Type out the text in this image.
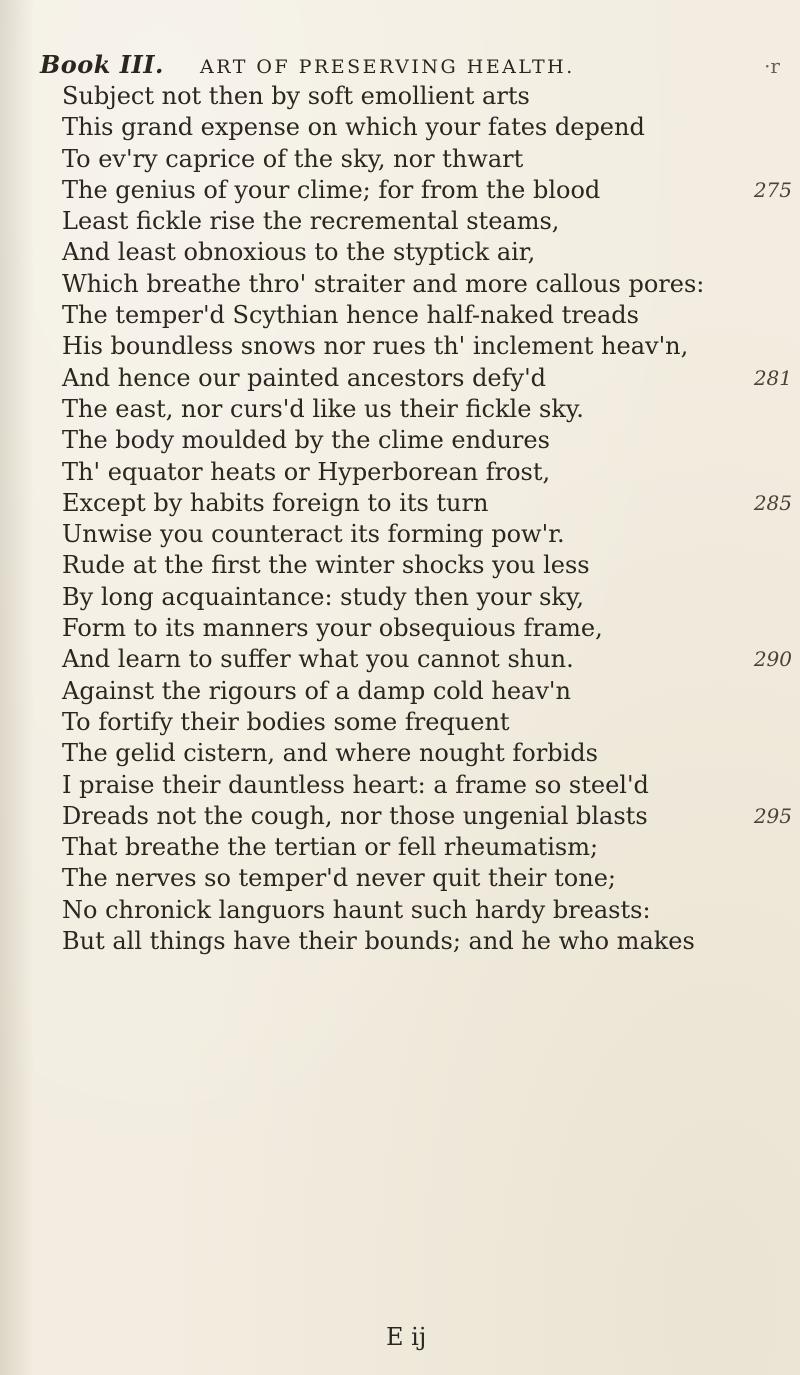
Book III. ART OF PRESERVING HEALTH.	·r
Subject not then by soft emollient arts
This grand expense on which your fates depend
To ev'ry caprice of the sky, nor thwart
The genius of your clime; for from the blood	275
Least fickle rise the recremental steams,
And least obnoxious to the styptick air,
Which breathe thro' straiter and more callous pores:
The temper'd Scythian hence half-naked treads
His boundless snows nor rues th' inclement heav'n,
And hence our painted ancestors defy'd	281
The east, nor curs'd like us their fickle sky.
The body moulded by the clime endures
Th' equator heats or Hyperborean frost,
Except by habits foreign to its turn	285
Unwise you counteract its forming pow'r.
Rude at the first the winter shocks you less
By long acquaintance: study then your sky,
Form to its manners your obsequious frame,
And learn to suffer what you cannot shun.	290
Against the rigours of a damp cold heav'n
To fortify their bodies some frequent
The gelid cistern, and where nought forbids
I praise their dauntless heart: a frame so steel'd
Dreads not the cough, nor those ungenial blasts	295
That breathe the tertian or fell rheumatism;
The nerves so temper'd never quit their tone;
No chronick languors haunt such hardy breasts:
But all things have their bounds; and he who makes
E ij
